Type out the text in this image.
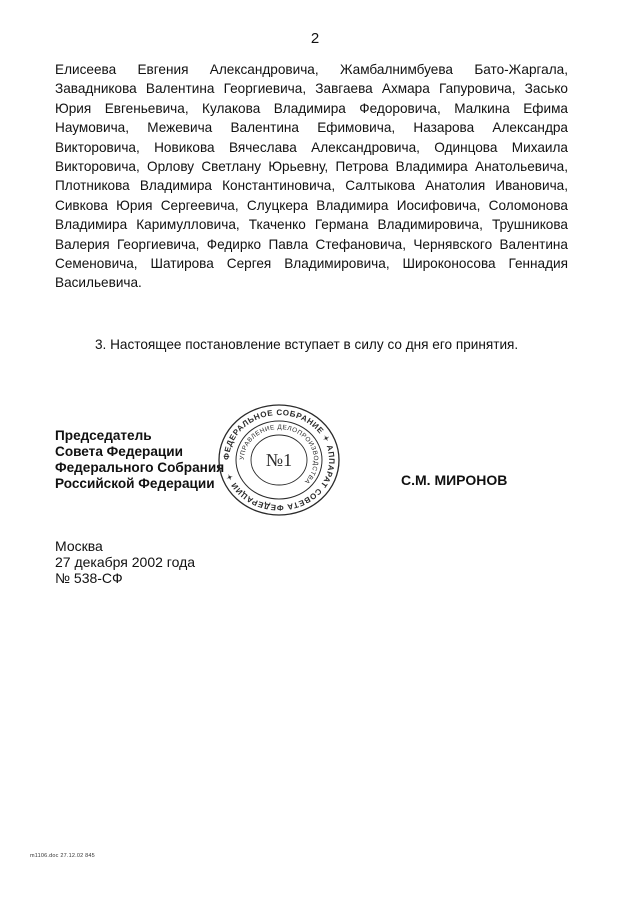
2
Елисеева Евгения Александровича, Жамбалнимбуева Бато-Жаргала, Завадникова Валентина Георгиевича, Завгаева Ахмара Гапуровича, Засько Юрия Евгеньевича, Кулакова Владимира Федоровича, Малкина Ефима Наумовича, Межевича Валентина Ефимовича, Назарова Александра Викторовича, Новикова Вячеслава Александровича, Одинцова Михаила Викторовича, Орлову Светлану Юрьевну, Петрова Владимира Анатольевича, Плотникова Владимира Константиновича, Салтыкова Анатолия Ивановича, Сивкова Юрия Сергеевича, Слуцкера Владимира Иосифовича, Соломонова Владимира Каримулловича, Ткаченко Германа Владимировича, Трушникова Валерия Георгиевича, Федирко Павла Стефановича, Чернявского Валентина Семеновича, Шатирова Сергея Владимировича, Широконосова Геннадия Васильевича.
3. Настоящее постановление вступает в силу со дня его принятия.
Председатель
Совета Федерации
Федерального Собрания
Российской Федерации
ФЕДЕРАЛЬНОЕ СОБРАНИЕ ✦ АППАРАТ СОВЕТА ФЕДЕРАЦИИ ✦
УПРАВЛЕНИЕ ДЕЛОПРОИЗВОДСТВА
№1
С.М. МИРОНОВ
Москва
27 декабря 2002 года
№ 538-СФ
m1106.doc 27.12.02 845
